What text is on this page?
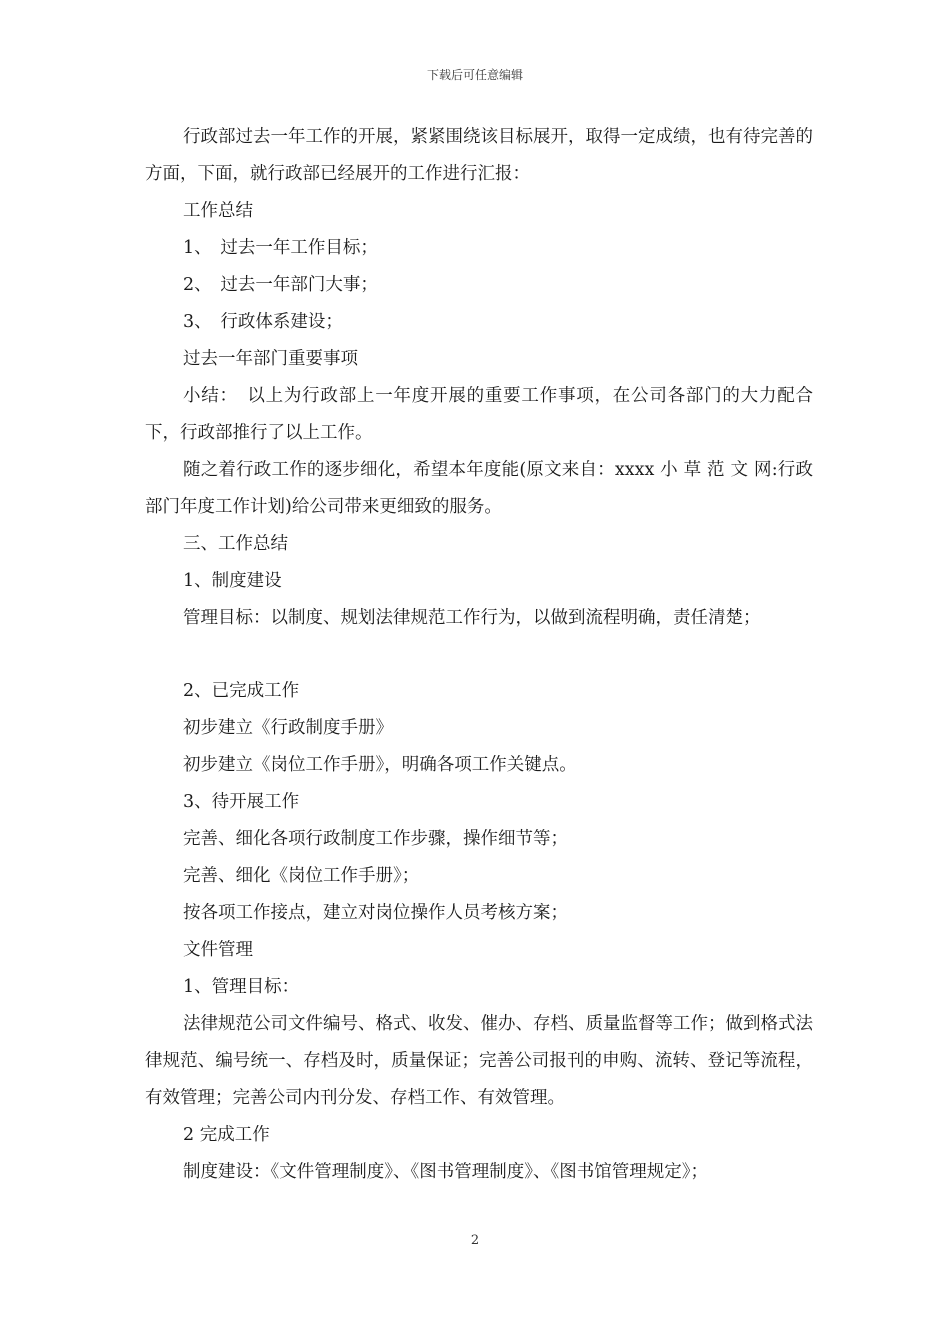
下载后可任意编辑

行政部过去一年工作的开展，紧紧围绕该目标展开，取得一定成绩，也有待完善的方面，下面，就行政部已经展开的工作进行汇报：

工作总结

1、　过去一年工作目标；

2、　过去一年部门大事；

3、　行政体系建设；

过去一年部门重要事项

小结：　以上为行政部上一年度开展的重要工作事项，在公司各部门的大力配合下，行政部推行了以上工作。

随之着行政工作的逐步细化，希望本年度能(原文来自：xxxx 小 草 范 文 网:行政部门年度工作计划)给公司带来更细致的服务。

三、工作总结

1、制度建设

管理目标：以制度、规划法律规范工作行为，以做到流程明确，责任清楚；

2、已完成工作

初步建立《行政制度手册》

初步建立《岗位工作手册》，明确各项工作关键点。

3、待开展工作

完善、细化各项行政制度工作步骤，操作细节等；

完善、细化《岗位工作手册》；

按各项工作接点，建立对岗位操作人员考核方案；

文件管理

1、管理目标：

法律规范公司文件编号、格式、收发、催办、存档、质量监督等工作；做到格式法律规范、编号统一、存档及时，质量保证；完善公司报刊的申购、流转、登记等流程，有效管理；完善公司内刊分发、存档工作、有效管理。

2 完成工作

制度建设：《文件管理制度》、《图书管理制度》、《图书馆管理规定》；

2
